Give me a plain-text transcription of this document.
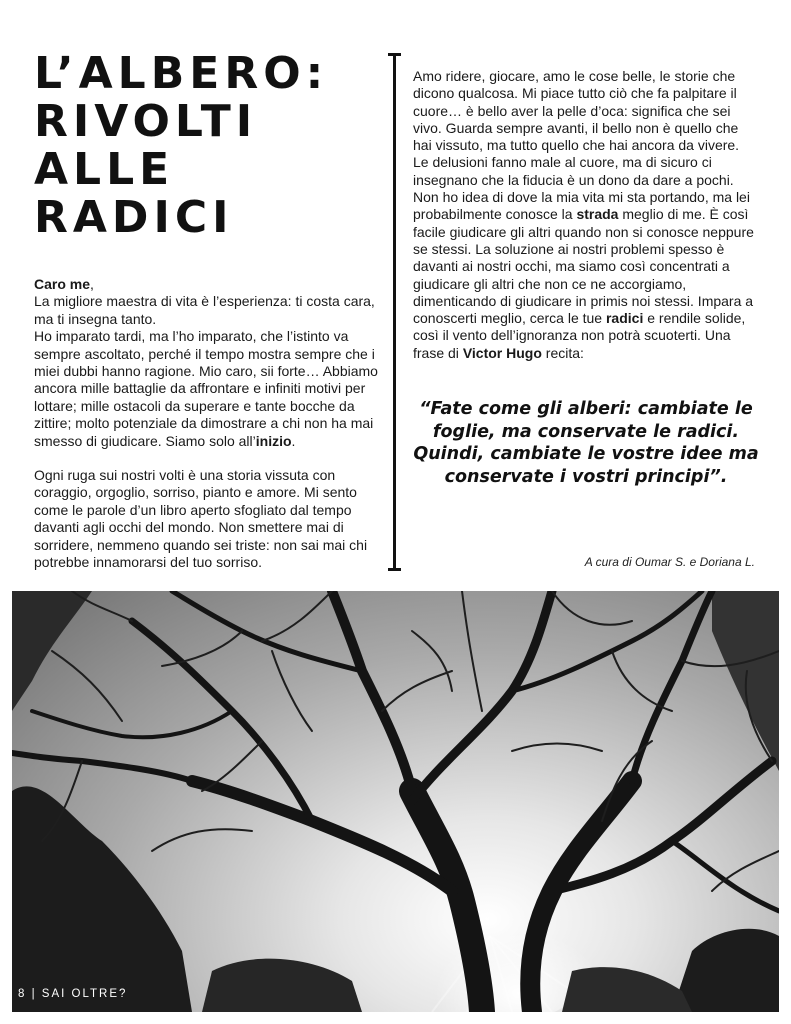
L’ALBERO:
RIVOLTI
ALLE
RADICI

Caro me,

La migliore maestra di vita è l’esperienza: ti costa cara, ma ti insegna tanto.

Ho imparato tardi, ma l’ho imparato, che l’istinto va sempre ascoltato, perché il tempo mostra sempre che i miei dubbi hanno ragione. Mio caro, sii forte… Abbiamo ancora mille battaglie da affrontare e infiniti motivi per lottare; mille ostacoli da superare e tante bocche da zittire; molto potenziale da dimostrare a chi non ha mai smesso di giudicare. Siamo solo all’inizio.

Ogni ruga sui nostri volti è una storia vissuta con coraggio, orgoglio, sorriso, pianto e amore. Mi sento come le parole d’un libro aperto sfogliato dal tempo davanti agli occhi del mondo. Non smettere mai di sorridere, nemmeno quando sei triste: non sai mai chi potrebbe innamorarsi del tuo sorriso.

Amo ridere, giocare, amo le cose belle, le storie che dicono qualcosa. Mi piace tutto ciò che fa palpitare il cuore… è bello aver la pelle d’oca: significa che sei vivo. Guarda sempre avanti, il bello non è quello che hai vissuto, ma tutto quello che hai ancora da vivere. Le delusioni fanno male al cuore, ma di sicuro ci insegnano che la fiducia è un dono da dare a pochi. Non ho idea di dove la mia vita mi sta portando, ma lei probabilmente conosce la strada meglio di me. È così facile giudicare gli altri quando non si conosce neppure se stessi. La soluzione ai nostri problemi spesso è davanti ai nostri occhi, ma siamo così concentrati a giudicare gli altri che non ce ne accorgiamo, dimenticando di giudicare in primis noi stessi. Impara a conoscerti meglio, cerca le tue radici e rendile solide, così il vento dell’ignoranza non potrà scuoterti. Una frase di Victor Hugo recita:

“Fate come gli alberi: cambiate le foglie, ma conservate le radici. Quindi, cambiate le vostre idee ma conservate i vostri principi”.
A cura di Oumar S. e Doriana L.
8 | SAI OLTRE?
